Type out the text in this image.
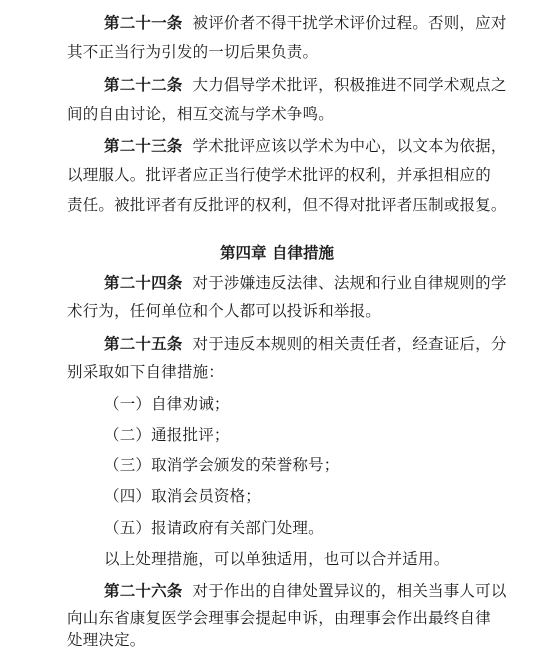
第二十一条 被评价者不得干扰学术评价过程。否则，应对
其不正当行为引发的一切后果负责。
第二十二条 大力倡导学术批评，积极推进不同学术观点之
间的自由讨论，相互交流与学术争鸣。
第二十三条 学术批评应该以学术为中心，以文本为依据，
以理服人。批评者应正当行使学术批评的权利，并承担相应的
责任。被批评者有反批评的权利，但不得对批评者压制或报复。
第四章 自律措施
第二十四条 对于涉嫌违反法律、法规和行业自律规则的学
术行为，任何单位和个人都可以投诉和举报。
第二十五条 对于违反本规则的相关责任者，经查证后，分
别采取如下自律措施：
（一）自律劝诫；
（二）通报批评；
（三）取消学会颁发的荣誉称号；
（四）取消会员资格；
（五）报请政府有关部门处理。
以上处理措施，可以单独适用，也可以合并适用。
第二十六条 对于作出的自律处置异议的，相关当事人可以
向山东省康复医学会理事会提起申诉，由理事会作出最终自律
处理决定。
